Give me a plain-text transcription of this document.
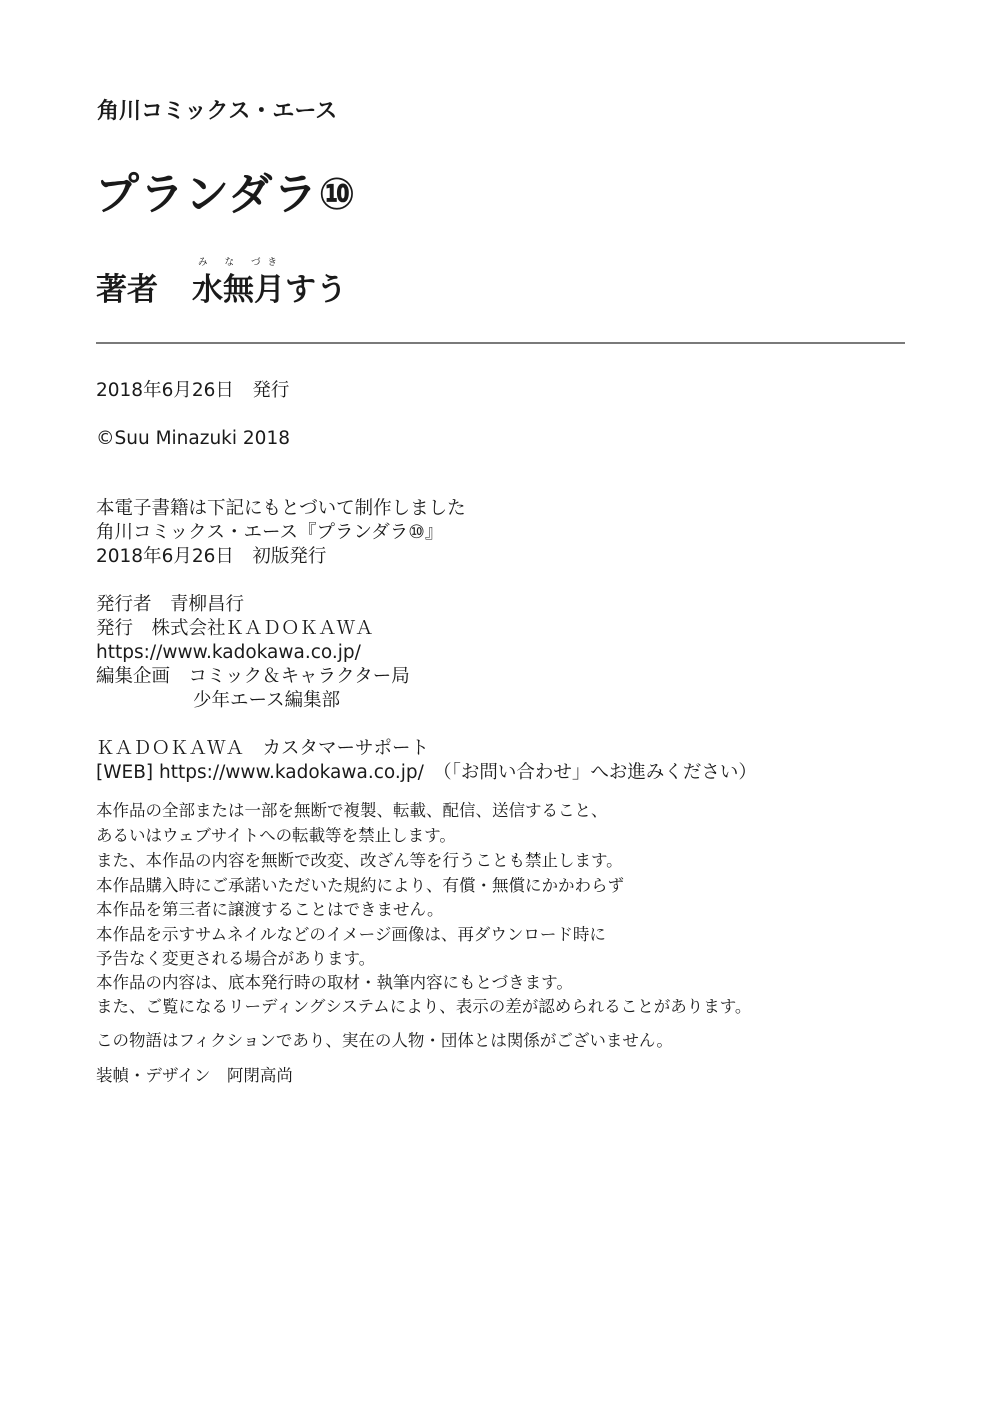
角川コミックス・エース
プランダラ⑩
著者
み な づき
水無月すう
2018年6月26日　発行
©Suu Minazuki 2018
本電子書籍は下記にもとづいて制作しました
角川コミックス・エース『プランダラ⑩』
2018年6月26日　初版発行
発行者　青柳昌行
発行　株式会社ＫＡＤＯＫＡＷＡ
https://www.kadokawa.co.jp/
編集企画　コミック＆キャラクター局
少年エース編集部
ＫＡＤＯＫＡＷＡ　カスタマーサポート
[WEB] https://www.kadokawa.co.jp/　（「お問い合わせ」へお進みください）
本作品の全部または一部を無断で複製、転載、配信、送信すること、
あるいはウェブサイトへの転載等を禁止します。
また、本作品の内容を無断で改変、改ざん等を行うことも禁止します。
本作品購入時にご承諾いただいた規約により、有償・無償にかかわらず
本作品を第三者に譲渡することはできません。
本作品を示すサムネイルなどのイメージ画像は、再ダウンロード時に
予告なく変更される場合があります。
本作品の内容は、底本発行時の取材・執筆内容にもとづきます。
また、ご覧になるリーディングシステムにより、表示の差が認められることがあります。
この物語はフィクションであり、実在の人物・団体とは関係がございません。
装幀・デザイン　阿閉高尚
